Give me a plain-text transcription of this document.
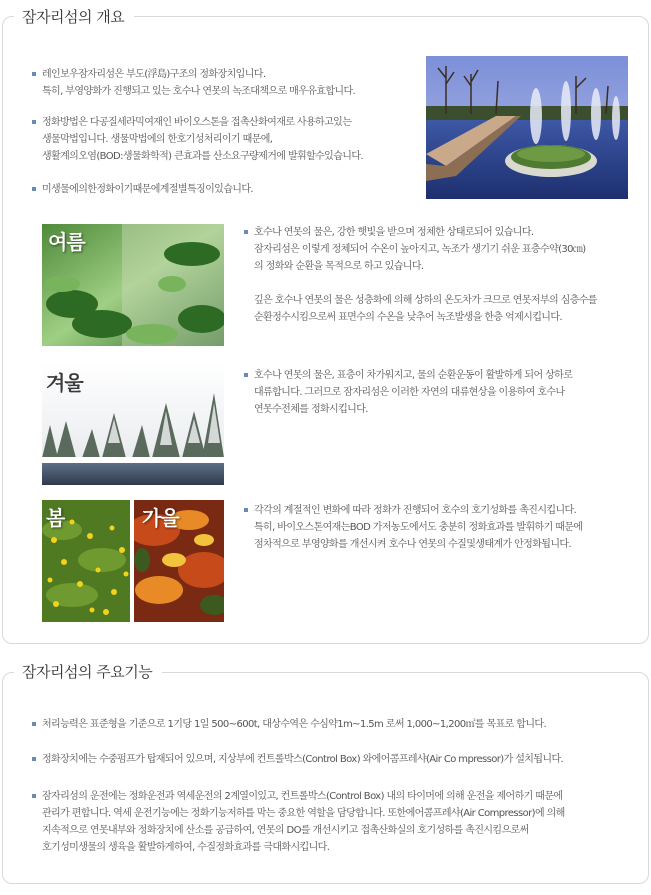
잠자리섬의 개요

레인보우잠자리섬은 부도(浮島)구조의 정화장치입니다.

특히, 부영양화가 진행되고 있는 호수나 연못의 녹조대책으로 매우유효합니다.

정화방법은 다공질세라믹여재인 바이오스톤을 접촉산화여재로 사용하고있는

생물막법입니다. 생물막법에의 한호기성처리이기 때문에,

생활계의오염(BOD:생물화학적) 큰효과를 산소요구량제거에 발휘할수있습니다.

미생물에의한정화이기때문에계절별특징이있습니다.

여름	호수나 연못의 물은, 강한 햇빛을 받으며 정체한 상태로되어 있습니다.

잠자리섬은 이렇게 정체되어 수온이 높아지고, 녹조가 생기기 쉬운 표층수약(30㎝)

의 정화와 순환을 목적으로 하고 있습니다.

깊은 호수나 연못의 물은 성층화에 의해 상하의 온도차가 크므로 연못저부의 심층수를

순환정수시킴으로써 표면수의 수온을 낮추어 녹조발생을 한층 억제시킵니다.

겨울	호수나 연못의 물은, 표층이 차가워지고, 물의 순환운동이 활발하게 되어 상하로

대류합니다. 그러므로 잠자리섬은 이러한 자연의 대류현상을 이용하여 호수나

연못수전체를 정화시킵니다.

봄	가을	각각의 계절적인 변화에 따라 정화가 진행되어 호수의 호기성화를 촉진시킵니다.

특히, 바이오스톤여재는BOD 가저농도에서도 충분히 정화효과를 발휘하기 때문에

점차적으로 부영양화를 개선시켜 호수나 연못의 수질및생태계가 안정화됩니다.

잠자리섬의 주요기능

처리능력은 표준형을 기준으로 1기당 1일 500~600t, 대상수역은 수심약1m~1.5m 로써 1,000~1,200㎡를 목표로 합니다.

정화장치에는 수중펌프가 탑재되어 있으며, 지상부에 컨트롤박스(Control Box) 와에어콤프레샤(Air Co mpressor)가 설치됩니다.

잠자리섬의 운전에는 정화운전과 역세운전의 2계열이있고, 컨트롤박스(Control Box) 내의 타이머에 의해 운전을 제어하기 때문에

관리가 편합니다. 역세 운전기능에는 정화기능저하를 막는 중요한 역할을 담당합니다. 또한에어콤프레샤(Air Compressor)에 의해

지속적으로 연못내부와 정화장치에 산소를 공급하여, 연못의 DO를 개선시키고 접촉산화실의 호기성하를 촉진시킴으로써

호기성미생물의 생육을 활발하게하여, 수질정화효과를 극대화시킵니다.
